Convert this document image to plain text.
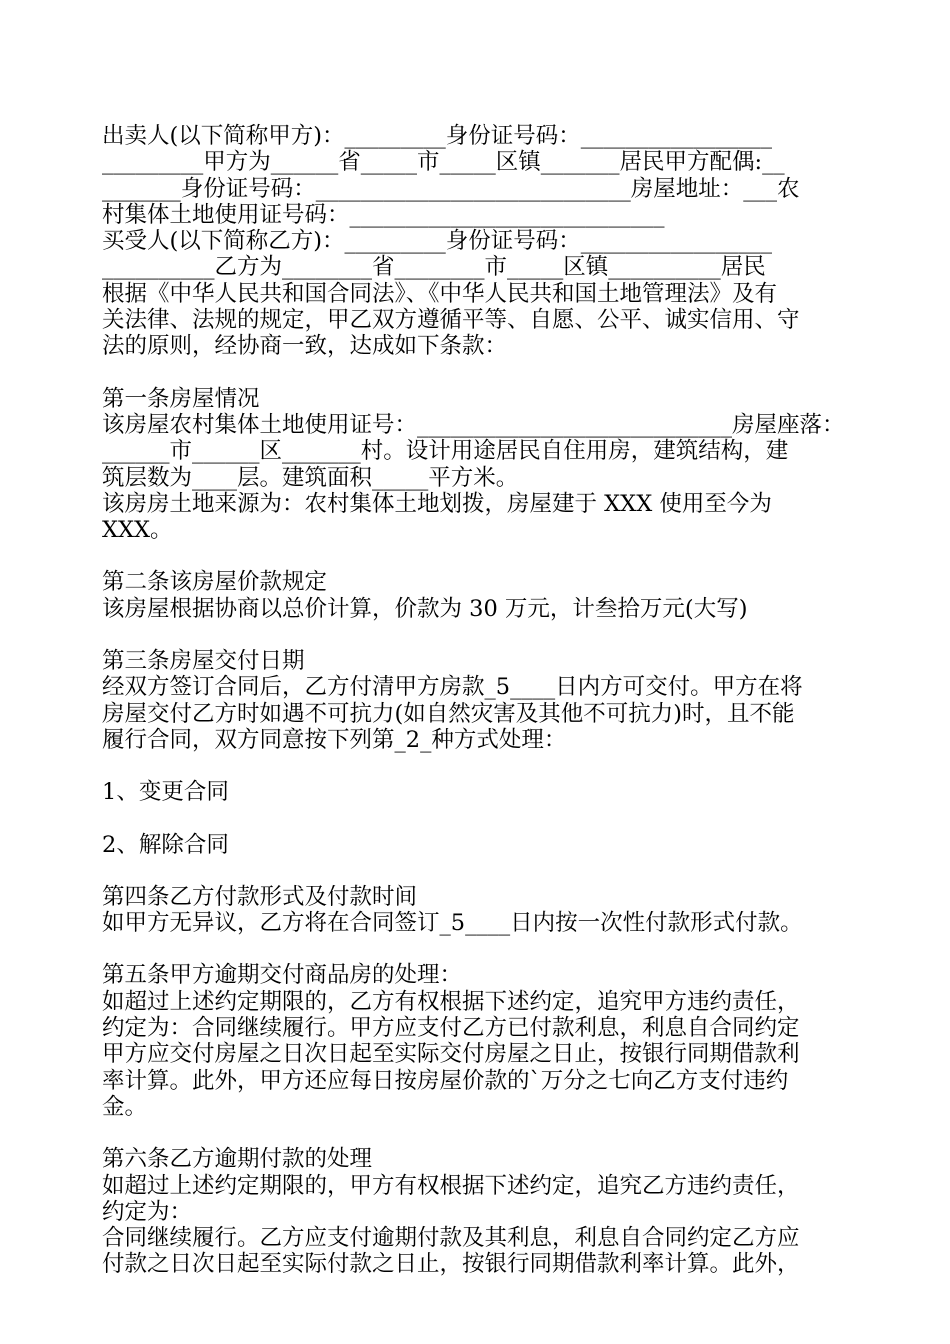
出卖人(以下简称甲方)：_________身份证号码：_________________
_________甲方为______省_____市_____区镇_______居民甲方配偶:__
_______身份证号码：____________________________房屋地址：___农
村集体土地使用证号码：____________________________
买受人(以下简称乙方)：_________身份证号码：_________________
__________乙方为________省________市_____区镇__________居民
根据《中华人民共和国合同法》、《中华人民共和国土地管理法》及有
关法律、法规的规定，甲乙双方遵循平等、自愿、公平、诚实信用、守
法的原则，经协商一致，达成如下条款：
第一条房屋情况
该房屋农村集体土地使用证号：____________________________房屋座落：
______市______区_______村。设计用途居民自住用房，建筑结构，建
筑层数为____层。建筑面积_____平方米。
该房房土地来源为：农村集体土地划拨，房屋建于 XXX 使用至今为
XXX。
第二条该房屋价款规定
该房屋根据协商以总价计算，价款为 30 万元，计叁拾万元(大写)
第三条房屋交付日期
经双方签订合同后，乙方付清甲方房款_5____日内方可交付。甲方在将
房屋交付乙方时如遇不可抗力(如自然灾害及其他不可抗力)时，且不能
履行合同，双方同意按下列第_2_种方式处理：
1、变更合同
2、解除合同
第四条乙方付款形式及付款时间
如甲方无异议，乙方将在合同签订_5____日内按一次性付款形式付款。
第五条甲方逾期交付商品房的处理：
如超过上述约定期限的，乙方有权根据下述约定，追究甲方违约责任，
约定为：合同继续履行。甲方应支付乙方已付款利息，利息自合同约定
甲方应交付房屋之日次日起至实际交付房屋之日止，按银行同期借款利
率计算。此外，甲方还应每日按房屋价款的`万分之七向乙方支付违约
金。
第六条乙方逾期付款的处理
如超过上述约定期限的，甲方有权根据下述约定，追究乙方违约责任，
约定为：
合同继续履行。乙方应支付逾期付款及其利息，利息自合同约定乙方应
付款之日次日起至实际付款之日止，按银行同期借款利率计算。此外，
